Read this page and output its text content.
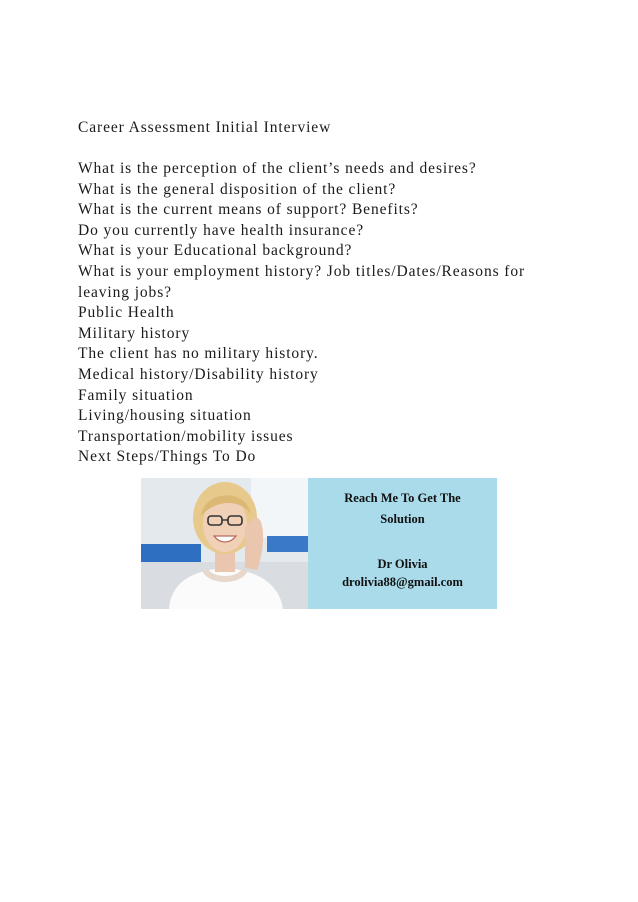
Career Assessment Initial Interview
What is the perception of the client’s needs and desires?
What is the general disposition of the client?
What is the current means of support? Benefits?
Do you currently have health insurance?
What is your Educational background?
What is your employment history? Job titles/Dates/Reasons for
leaving jobs?
Public Health
Military history
The client has no military history.
Medical history/Disability history
Family situation
Living/housing situation
Transportation/mobility issues
Next Steps/Things To Do
Reach Me To Get The
Solution
Dr Olivia
drolivia88@gmail.com
